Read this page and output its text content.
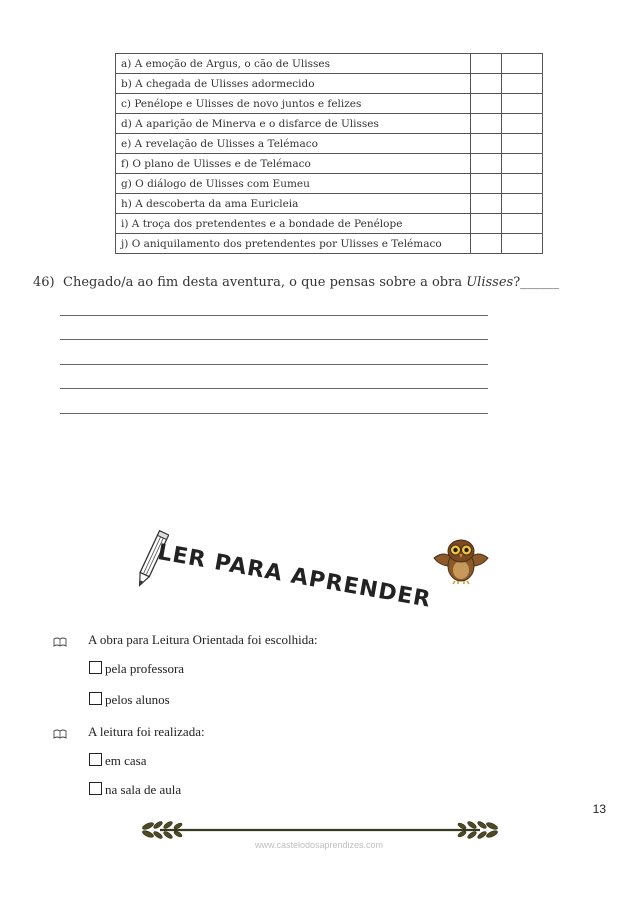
a) A emoção de Argus, o cão de Ulisses		
b) A chegada de Ulisses adormecido		
c) Penélope e Ulisses de novo juntos e felizes		
d) A aparição de Minerva e o disfarce de Ulisses		
e) A revelação de Ulisses a Telémaco		
f) O plano de Ulisses e de Telémaco		
g) O diálogo de Ulisses com Eumeu		
h) A descoberta da ama Euricleia		
i) A troça dos pretendentes e a bondade de Penélope		
j) O aniquilamento dos pretendentes por Ulisses e Telémaco		
46) Chegado/a ao fim desta aventura, o que pensas sobre a obra Ulisses?______
LER PARA APRENDER
A obra para Leitura Orientada foi escolhida:
pela professora
pelos alunos
A leitura foi realizada:
em casa
na sala de aula
13
www.castelodosaprendizes.com
